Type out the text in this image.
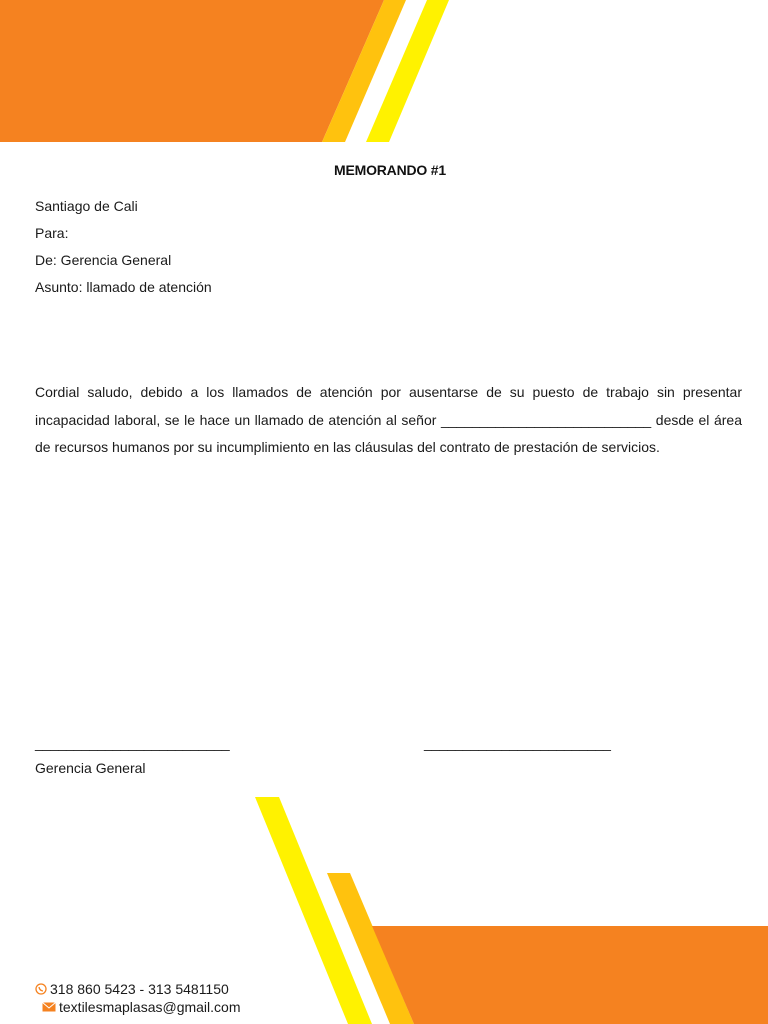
MEMORANDO #1
Santiago de Cali
Para:
De: Gerencia General
Asunto: llamado de atención
Cordial saludo, debido a los llamados de atención por ausentarse de su puesto de trabajo sin presentar incapacidad laboral, se le hace un llamado de atención al señor ___________________________ desde el área de recursos humanos por su incumplimiento en las cláusulas del contrato de prestación de servicios.
_________________________	________________________
Gerencia General
318 860 5423 - 313 5481150
textilesmaplasas@gmail.com
